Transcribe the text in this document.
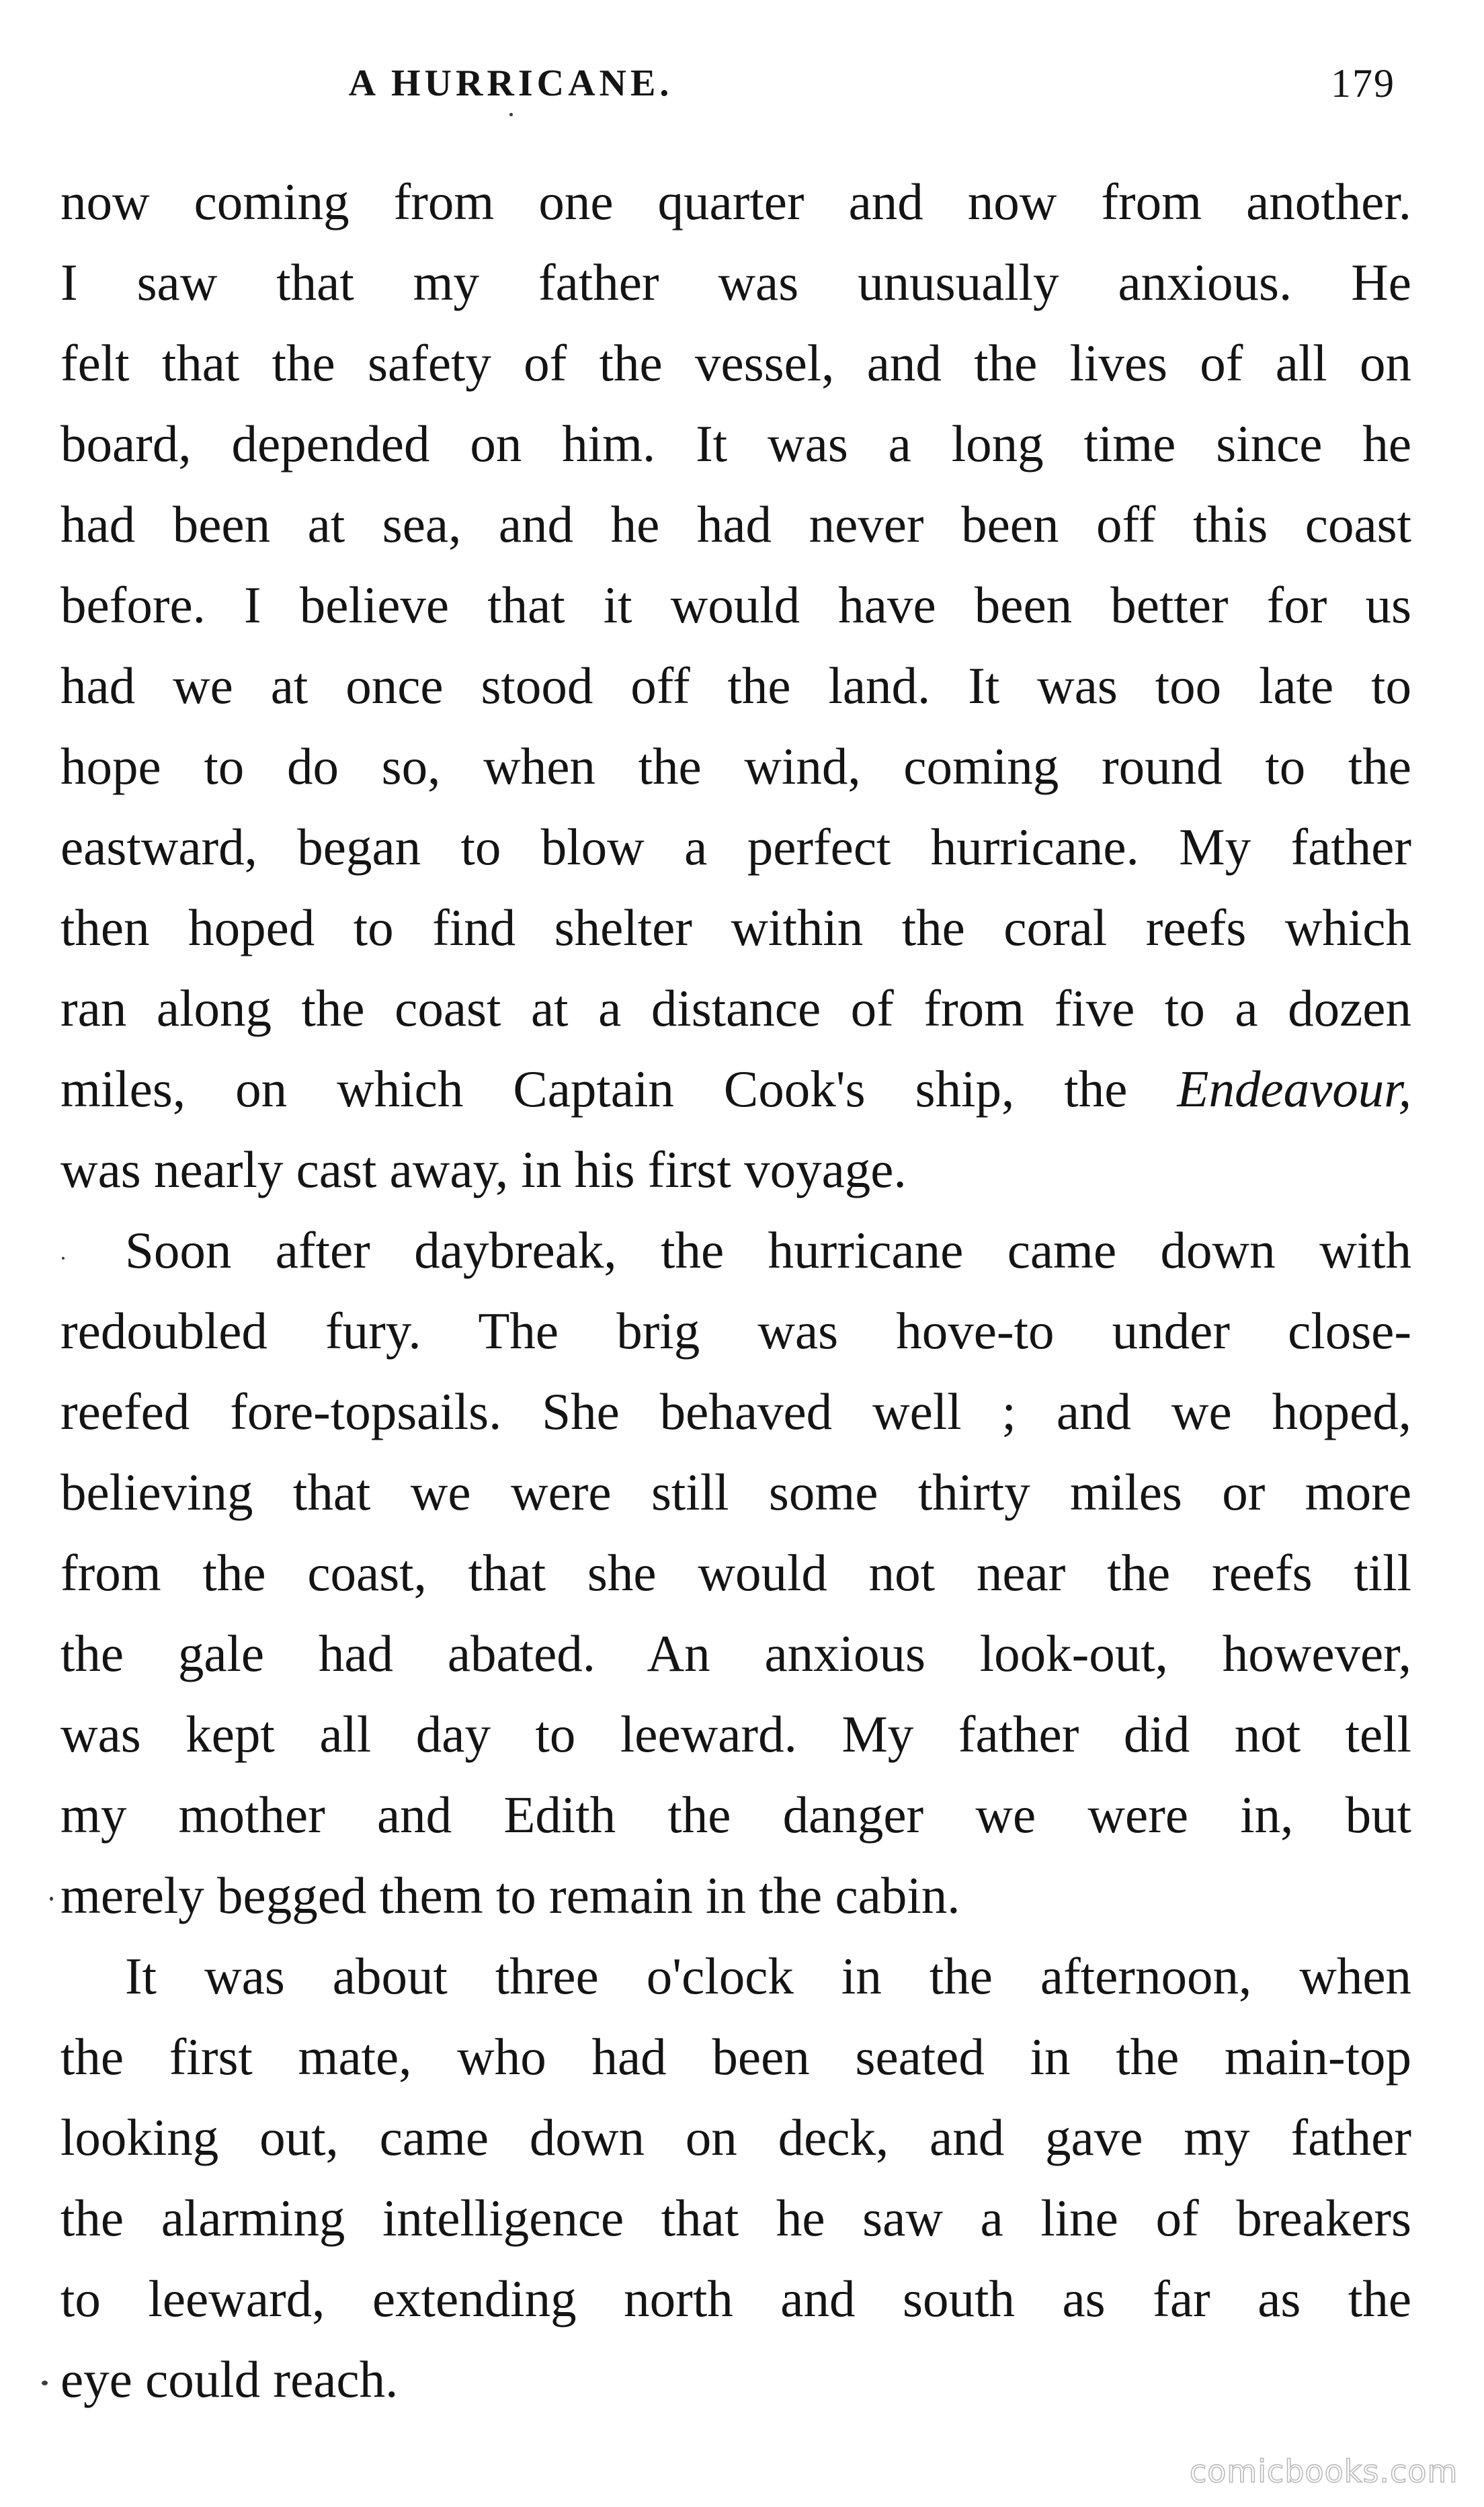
A HURRICANE.	179
now coming from one quarter and now from another.
I saw that my father was unusually anxious. He
felt that the safety of the vessel, and the lives of all on
board, depended on him. It was a long time since he
had been at sea, and he had never been off this coast
before. I believe that it would have been better for us
had we at once stood off the land. It was too late to
hope to do so, when the wind, coming round to the
eastward, began to blow a perfect hurricane. My father
then hoped to find shelter within the coral reefs which
ran along the coast at a distance of from five to a dozen
miles, on which Captain Cook's ship, the Endeavour,
was nearly cast away, in his first voyage.
Soon after daybreak, the hurricane came down with
redoubled fury. The brig was hove-to under close-
reefed fore-topsails. She behaved well ; and we hoped,
believing that we were still some thirty miles or more
from the coast, that she would not near the reefs till
the gale had abated. An anxious look-out, however,
was kept all day to leeward. My father did not tell
my mother and Edith the danger we were in, but
merely begged them to remain in the cabin.
It was about three o'clock in the afternoon, when
the first mate, who had been seated in the main-top
looking out, came down on deck, and gave my father
the alarming intelligence that he saw a line of breakers
to leeward, extending north and south as far as the
eye could reach.
comicbooks.com
